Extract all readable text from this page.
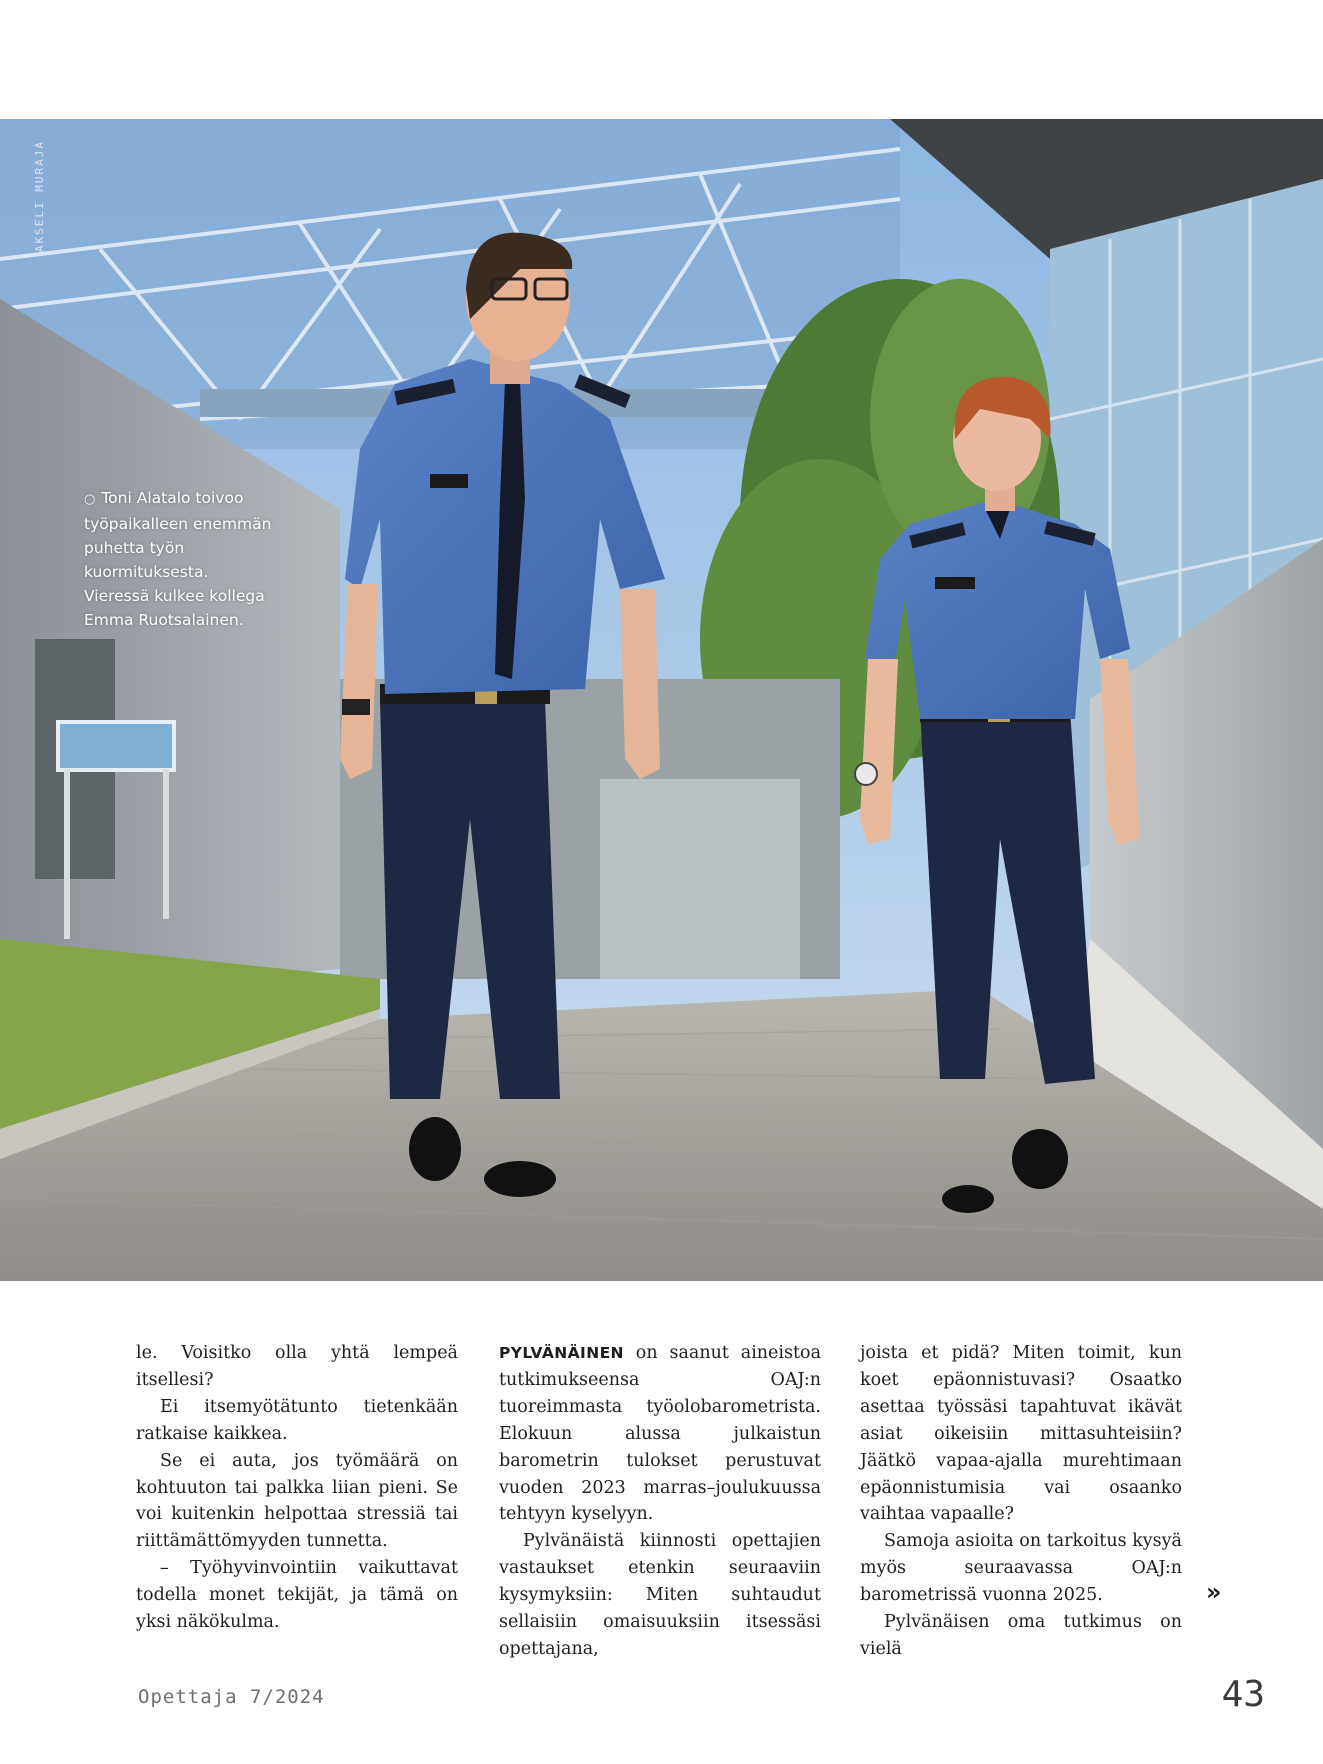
AKSELI MURAJA
○ Toni Alatalo toivoo työpaikalleen enemmän puhetta työn kuormituksesta. Vieressä kulkee kollega Emma Ruotsalainen.

le. Voisitko olla yhtä lempeä itsellesi?

Ei itsemyötätunto tietenkään ratkaise kaikkea.

Se ei auta, jos työmäärä on kohtuuton tai palkka liian pieni. Se voi kuitenkin helpottaa stressiä tai riittämättömyyden tunnetta.

– Työhyvinvointiin vaikuttavat todella monet tekijät, ja tämä on yksi näkökulma.

PYLVÄNÄINEN on saanut aineistoa tutkimukseensa OAJ:n tuoreimmasta työolobarometrista. Elokuun alussa julkaistun barometrin tulokset perustuvat vuoden 2023 marras–joulukuussa tehtyyn kyselyyn.

Pylvänäistä kiinnosti opettajien vastaukset etenkin seuraaviin kysymyksiin: Miten suhtaudut sellaisiin omaisuuksiin itsessäsi opettajana,

joista et pidä? Miten toimit, kun koet epäonnistuvasi? Osaatko asettaa työssäsi tapahtuvat ikävät asiat oikeisiin mittasuhteisiin? Jäätkö vapaa-ajalla murehtimaan epäonnistumisia vai osaanko vaihtaa vapaalle?

Samoja asioita on tarkoitus kysyä myös seuraavassa OAJ:n barometrissä vuonna 2025.

Pylvänäisen oma tutkimus on vielä

»
Opettaja 7/2024	43
